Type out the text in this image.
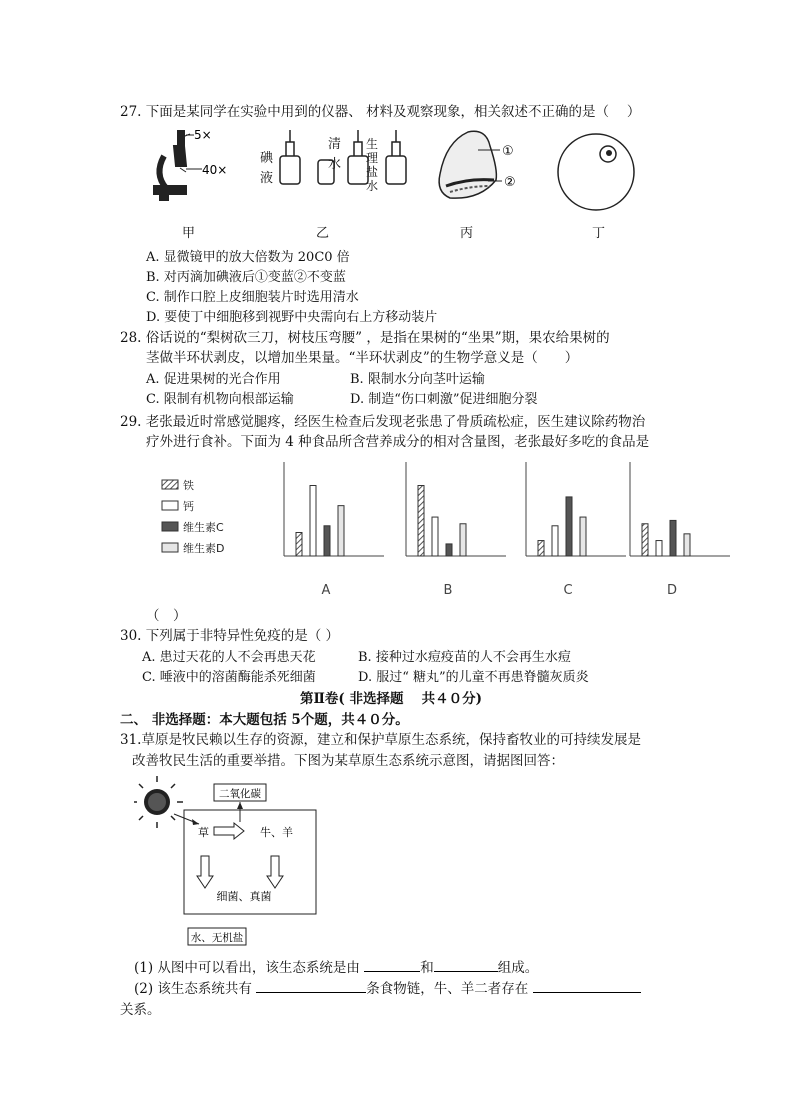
27. 下面是某同学在实验中用到的仪器、 材料及观察现象，相关叙述不正确的是（　 ）
5×
40×
碘
液
清
水
生
理
盐
水
①
②
甲	乙	丙	丁
A. 显微镜甲的放大倍数为 20C0 倍
B. 对丙滴加碘液后①变蓝②不变蓝
C. 制作口腔上皮细胞装片时选用清水
D. 要使丁中细胞移到视野中央需向右上方移动装片
28. 俗话说的“梨树砍三刀，树枝压弯腰” ，是指在果树的“坐果”期，果农给果树的
茎做半环状剥皮，以增加坐果量。“半环状剥皮”的生物学意义是（　　）
A. 促进果树的光合作用	B. 限制水分向茎叶运输
C. 限制有机物向根部运输	D. 制造“伤口刺激”促进细胞分裂
29. 老张最近时常感觉腿疼，经医生检查后发现老张患了骨质疏松症，医生建议除药物治
疗外进行食补。下面为 4 种食品所含营养成分的相对含量图，老张最好多吃的食品是
铁
钙
维生素C
维生素D
A	B	C	D
（　）
30. 下列属于非特异性免疫的是（ ）
A. 患过天花的人不会再患天花	B. 接种过水痘疫苗的人不会再生水痘
C. 唾液中的溶菌酶能杀死细菌	D. 服过“ 糖丸”的儿童不再患脊髓灰质炎
第Ⅱ卷( 非选择题　 共４０分)
二、 非选择题：本大题包括 5个题，共４０分。
31.草原是牧民赖以生存的资源，建立和保护草原生态系统，保持畜牧业的可持续发展是
改善牧民生活的重要举措。下图为某草原生态系统示意图，请据图回答：
二氧化碳
草	牛、羊
细菌、真菌
水、无机盐
(1) 从图中可以看出，该生态系统是由	和	组成。
(2) 该生态系统共有	条食物链，牛、羊二者存在
关系。
